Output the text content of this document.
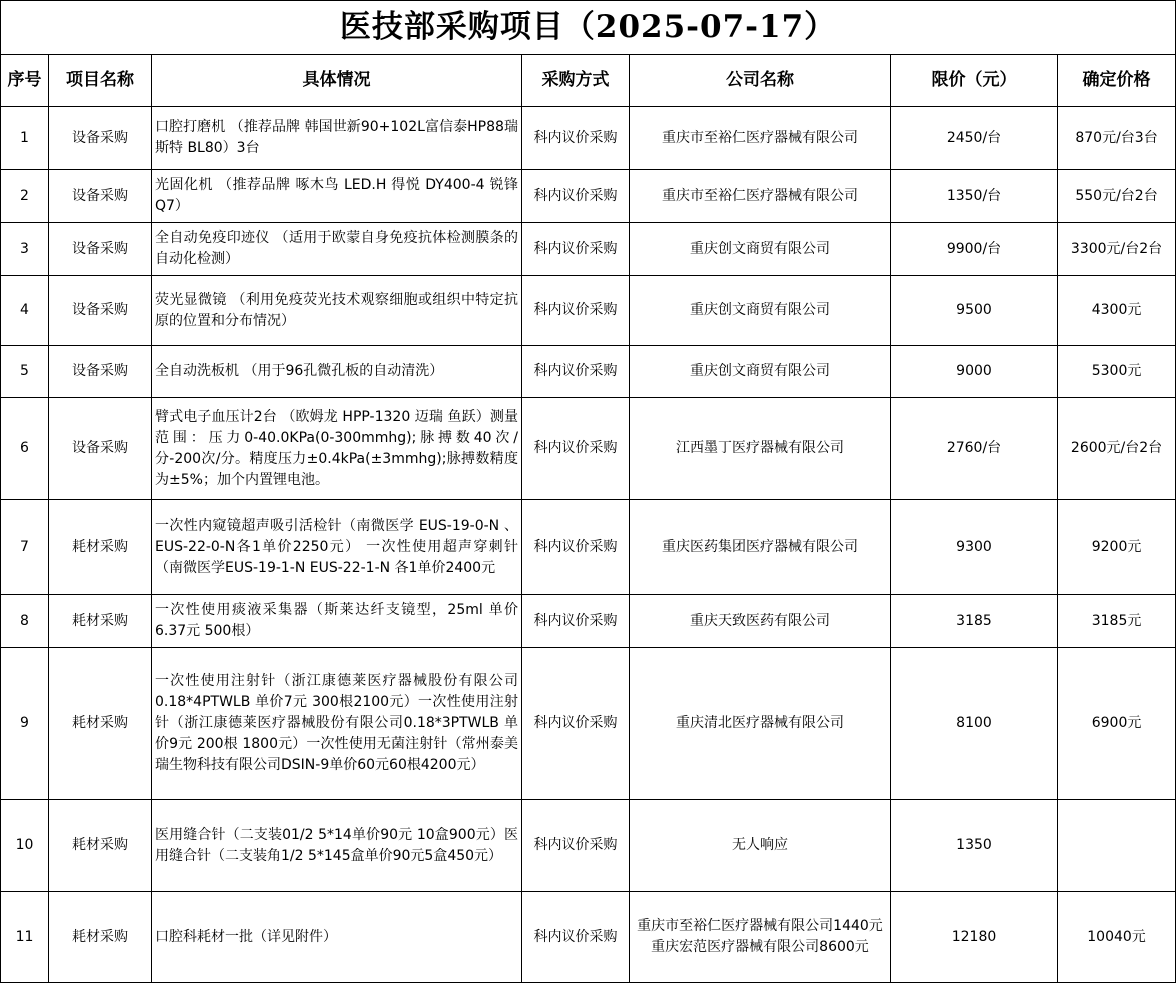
医技部采购项目（2025-07-17）						
序号	项目名称	具体情况	采购方式	公司名称	限价（元）	确定价格
1	设备采购	口腔打磨机 （推荐品牌 韩国世新90+102L富信泰HP88瑞斯特 BL80）3台	科内议价采购	重庆市至裕仁医疗器械有限公司	2450/台	870元/台3台
2	设备采购	光固化机 （推荐品牌 啄木鸟 LED.H 得悦 DY400-4 锐锋 Q7）	科内议价采购	重庆市至裕仁医疗器械有限公司	1350/台	550元/台2台
3	设备采购	全自动免疫印迹仪 （适用于欧蒙自身免疫抗体检测膜条的自动化检测）	科内议价采购	重庆创文商贸有限公司	9900/台	3300元/台2台
4	设备采购	荧光显微镜 （利用免疫荧光技术观察细胞或组织中特定抗原的位置和分布情况）	科内议价采购	重庆创文商贸有限公司	9500	4300元
5	设备采购	全自动洗板机 （用于96孔微孔板的自动清洗）	科内议价采购	重庆创文商贸有限公司	9000	5300元
6	设备采购	臂式电子血压计2台 （欧姆龙 HPP-1320 迈瑞 鱼跃）测量范围：压力0-40.0KPa(0-300mmhg);脉搏数40次/分-200次/分。精度压力±0.4kPa(±3mmhg);脉搏数精度为±5%；加个内置锂电池。	科内议价采购	江西墨丁医疗器械有限公司	2760/台	2600元/台2台
7	耗材采购	一次性内窥镜超声吸引活检针（南微医学 EUS-19-0-N 、EUS-22-0-N各1单价2250元） 一次性使用超声穿刺针 （南微医学EUS-19-1-N EUS-22-1-N 各1单价2400元	科内议价采购	重庆医药集团医疗器械有限公司	9300	9200元
8	耗材采购	一次性使用痰液采集器（斯莱达纤支镜型，25ml 单价6.37元 500根）	科内议价采购	重庆天致医药有限公司	3185	3185元
9	耗材采购	一次性使用注射针（浙江康德莱医疗器械股份有限公司0.18*4PTWLB 单价7元 300根2100元）一次性使用注射针（浙江康德莱医疗器械股份有限公司0.18*3PTWLB 单价9元 200根 1800元）一次性使用无菌注射针（常州泰美瑞生物科技有限公司DSIN-9单价60元60根4200元）	科内议价采购	重庆清北医疗器械有限公司	8100	6900元
10	耗材采购	医用缝合针（二支装01/2 5*14单价90元 10盒900元）医用缝合针（二支装角1/2 5*145盒单价90元5盒450元）	科内议价采购	无人响应	1350	
11	耗材采购	口腔科耗材一批（详见附件）	科内议价采购	重庆市至裕仁医疗器械有限公司1440元 重庆宏范医疗器械有限公司8600元	12180	10040元
